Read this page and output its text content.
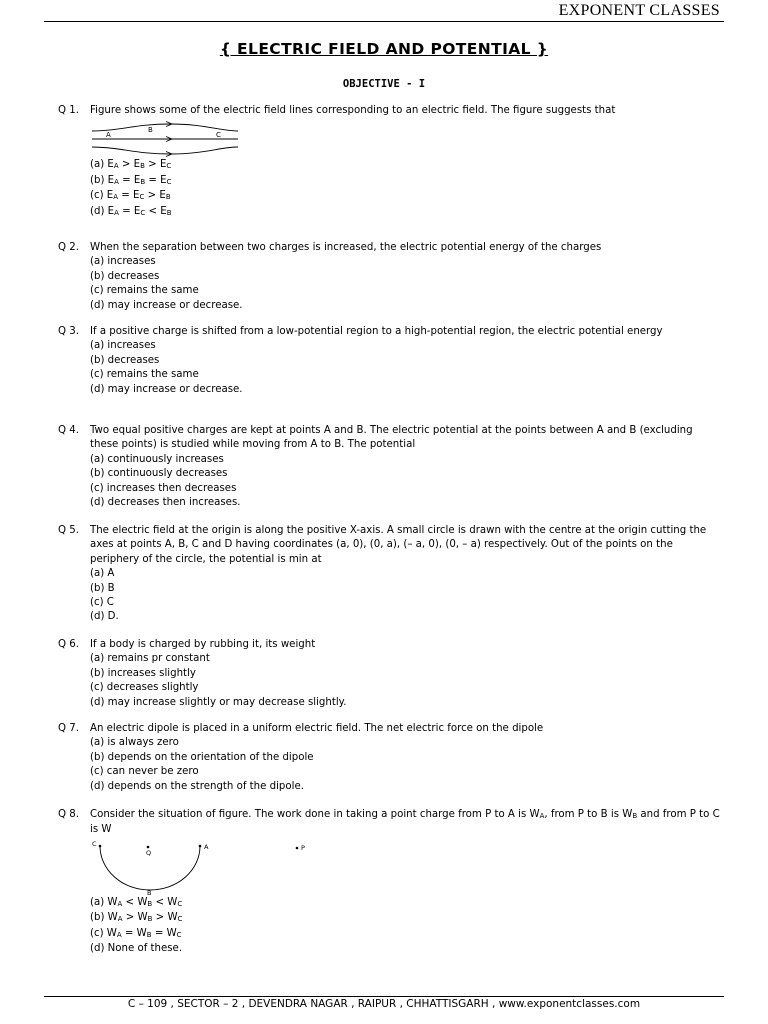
EXPONENT CLASSES
{ ELECTRIC FIELD AND POTENTIAL }
OBJECTIVE - I
Q 1. Figure shows some of the electric field lines corresponding to an electric field. The figure suggests that
A
B
C
(a) $E_A > E_B > E_C$
(b) $E_A = E_B = E_C$
(c) $E_A = E_C > E_B$
(d) $E_A = E_C < E_B$
Q 2. When the separation between two charges is increased, the electric potential energy of the charges
(a) increases
(b) decreases
(c) remains the same
(d) may increase or decrease.
Q 3. If a positive charge is shifted from a low-potential region to a high-potential region, the electric potential energy
(a) increases
(b) decreases
(c) remains the same
(d) may increase or decrease.
Q 4. Two equal positive charges are kept at points A and B. The electric potential at the points between A and B (excluding these points) is studied while moving from A to B. The potential
(a) continuously increases
(b) continuously decreases
(c) increases then decreases
(d) decreases then increases.
Q 5. The electric field at the origin is along the positive X-axis. A small circle is drawn with the centre at the origin cutting the axes at points A, B, C and D having coordinates (a, 0), (0, a), (– a, 0), (0, – a) respectively. Out of the points on the periphery of the circle, the potential is min at
(a) A
(b) B
(c) C
(d) D.
Q 6. If a body is charged by rubbing it, its weight
(a) remains pr constant
(b) increases slightly
(c) decreases slightly
(d) may increase slightly or may decrease slightly.
Q 7. An electric dipole is placed in a uniform electric field. The net electric force on the dipole
(a) is always zero
(b) depends on the orientation of the dipole
(c) can never be zero
(d) depends on the strength of the dipole.
Q 8. Consider the situation of figure. The work done in taking a point charge from P to A is $W_A$, from P to B is $W_B$ and from P to C is W
C
Q
A
B
P
(a) $W_A < W_B < W_C$
(b) $W_A > W_B > W_C$
(c) $W_A = W_B = W_C$
(d) None of these.
C – 109 , SECTOR – 2 , DEVENDRA NAGAR , RAIPUR , CHHATTISGARH , www.exponentclasses.com
